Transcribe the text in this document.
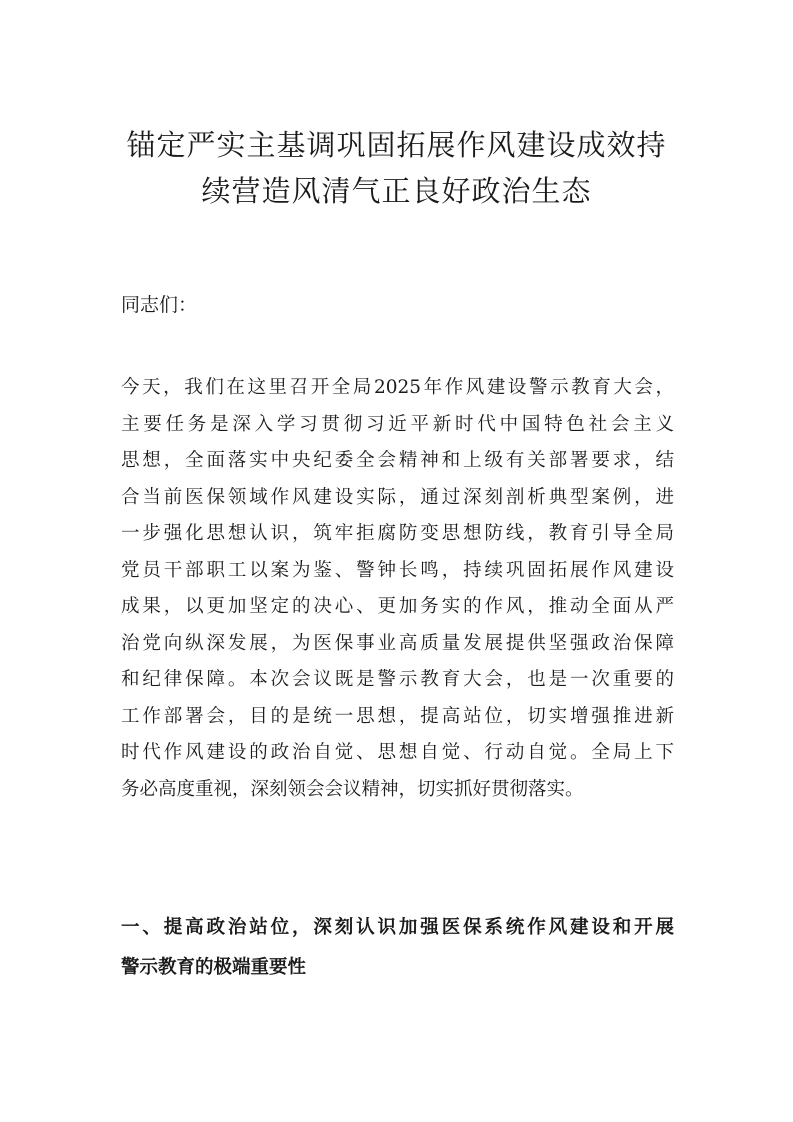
锚定严实主基调巩固拓展作风建设成效持
续营造风清气正良好政治生态

同志们：

今天，我们在这里召开全局2025年作风建设警示教育大会，
主要任务是深入学习贯彻习近平新时代中国特色社会主义
思想，全面落实中央纪委全会精神和上级有关部署要求，结
合当前医保领域作风建设实际，通过深刻剖析典型案例，进
一步强化思想认识，筑牢拒腐防变思想防线，教育引导全局
党员干部职工以案为鉴、警钟长鸣，持续巩固拓展作风建设
成果，以更加坚定的决心、更加务实的作风，推动全面从严
治党向纵深发展，为医保事业高质量发展提供坚强政治保障
和纪律保障。本次会议既是警示教育大会，也是一次重要的
工作部署会，目的是统一思想，提高站位，切实增强推进新
时代作风建设的政治自觉、思想自觉、行动自觉。全局上下
务必高度重视，深刻领会会议精神，切实抓好贯彻落实。

一、提高政治站位，深刻认识加强医保系统作风建设和开展
警示教育的极端重要性
